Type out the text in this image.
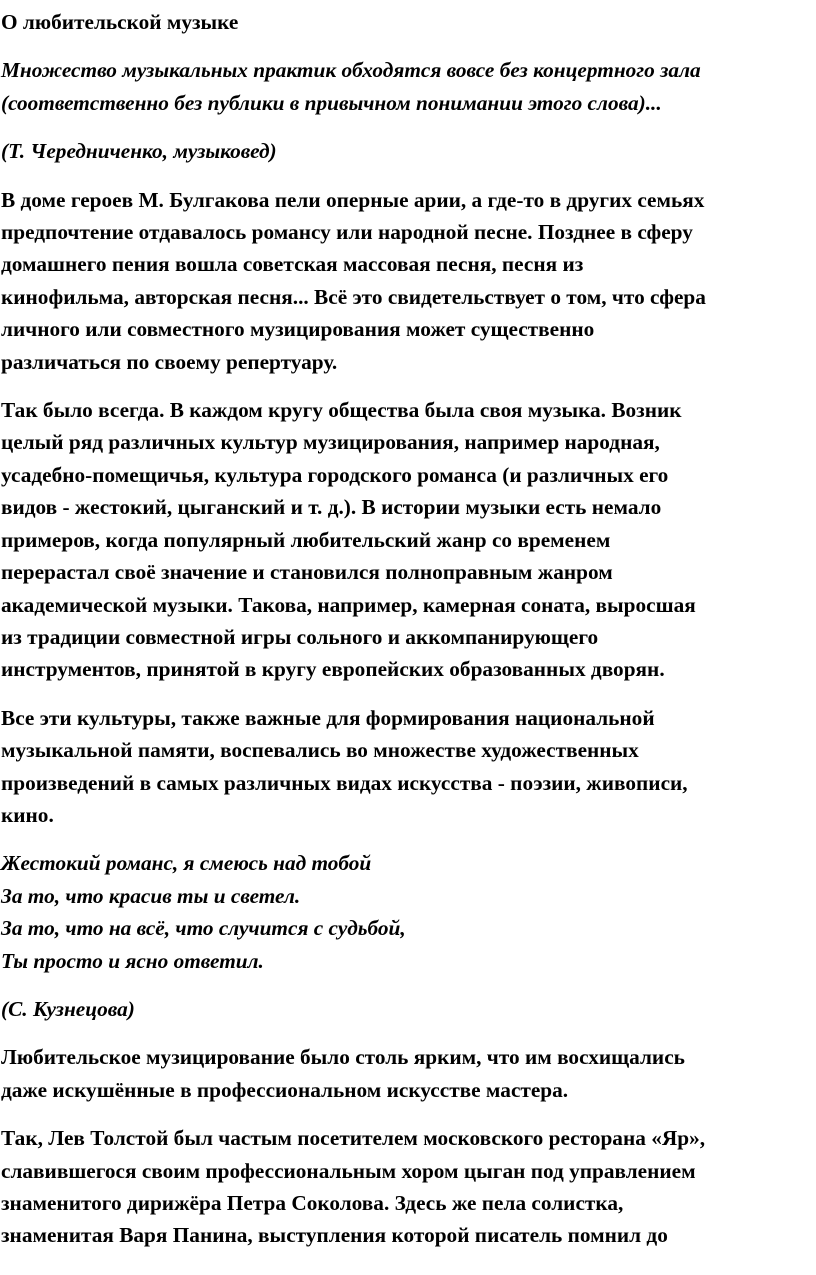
О любительской музыке
Множество музыкальных практик обходятся вовсе без концертного зала
(соответственно без публики в привычном понимании этого слова)...
(Т. Чередниченко, музыковед)
В доме героев М. Булгакова пели оперные арии, а где-то в других семьях
предпочтение отдавалось романсу или народной песне. Позднее в сферу
домашнего пения вошла советская массовая песня, песня из
кинофильма, авторская песня... Всё это свидетельствует о том, что сфера
личного или совместного музицирования может существенно
различаться по своему репертуару.
Так было всегда. В каждом кругу общества была своя музыка. Возник
целый ряд различных культур музицирования, например народная,
усадебно-помещичья, культура городского романса (и различных его
видов - жестокий, цыганский и т. д.). В истории музыки есть немало
примеров, когда популярный любительский жанр со временем
перерастал своё значение и становился полноправным жанром
академической музыки. Такова, например, камерная соната, выросшая
из традиции совместной игры сольного и аккомпанирующего
инструментов, принятой в кругу европейских образованных дворян.
Все эти культуры, также важные для формирования национальной
музыкальной памяти, воспевались во множестве художественных
произведений в самых различных видах искусства - поэзии, живописи,
кино.
Жестокий романс, я смеюсь над тобой
За то, что красив ты и светел.
За то, что на всё, что случится с судьбой,
Ты просто и ясно ответил.
(С. Кузнецова)
Любительское музицирование было столь ярким, что им восхищались
даже искушённые в профессиональном искусстве мастера.
Так, Лев Толстой был частым посетителем московского ресторана «Яр»,
славившегося своим профессиональным хором цыган под управлением
знаменитого дирижёра Петра Соколова. Здесь же пела солистка,
знаменитая Варя Панина, выступления которой писатель помнил до
